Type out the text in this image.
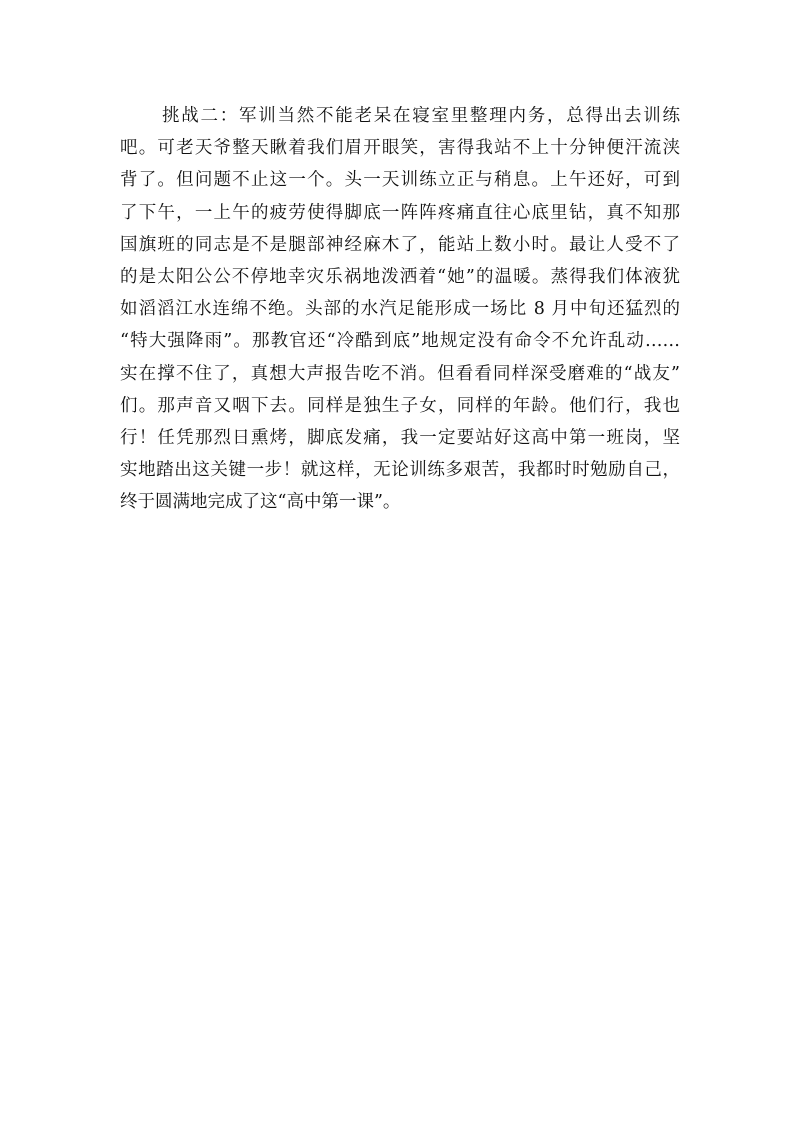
挑战二：军训当然不能老呆在寝室里整理内务，总得出去训练
吧。可老天爷整天瞅着我们眉开眼笑，害得我站不上十分钟便汗流浃
背了。但问题不止这一个。头一天训练立正与稍息。上午还好，可到
了下午，一上午的疲劳使得脚底一阵阵疼痛直往心底里钻，真不知那
国旗班的同志是不是腿部神经麻木了，能站上数小时。最让人受不了
的是太阳公公不停地幸灾乐祸地泼洒着“她”的温暖。蒸得我们体液犹
如滔滔江水连绵不绝。头部的水汽足能形成一场比 8 月中旬还猛烈的
“特大强降雨”。那教官还“冷酷到底”地规定没有命令不允许乱动……
实在撑不住了，真想大声报告吃不消。但看看同样深受磨难的“战友”
们。那声音又咽下去。同样是独生子女，同样的年龄。他们行，我也
行！任凭那烈日熏烤，脚底发痛，我一定要站好这高中第一班岗，坚
实地踏出这关键一步！就这样，无论训练多艰苦，我都时时勉励自己，
终于圆满地完成了这“高中第一课”。
